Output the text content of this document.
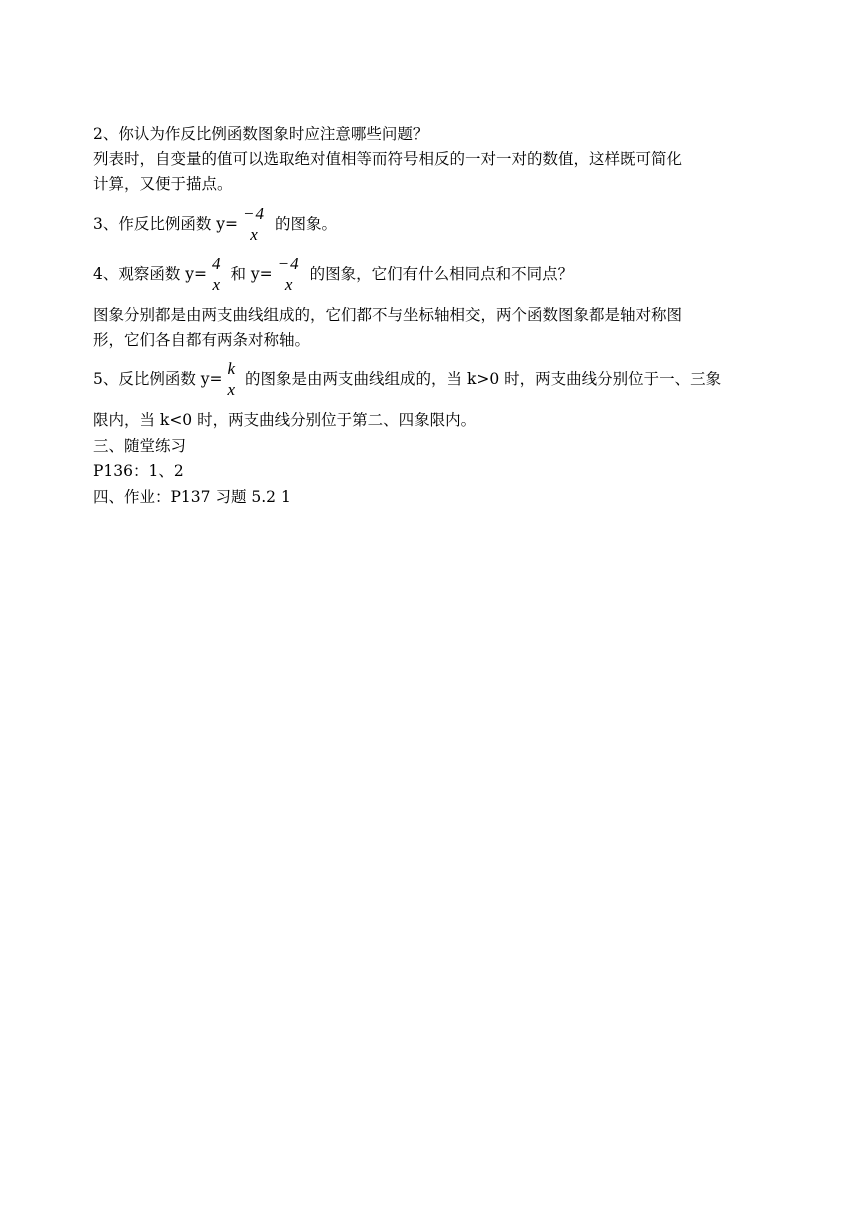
2、你认为作反比例函数图象时应注意哪些问题？
列表时，自变量的值可以选取绝对值相等而符号相反的一对一对的数值，这样既可简化
计算，又便于描点。
3、作反比例函数 y=
−4
x
的图象。
4、观察函数 y=
4
x
和 y=
−4
x
的图象，它们有什么相同点和不同点？
图象分别都是由两支曲线组成的，它们都不与坐标轴相交，两个函数图象都是轴对称图
形，它们各自都有两条对称轴。
5、反比例函数 y=
k
x
的图象是由两支曲线组成的，当 k>0 时，两支曲线分别位于一、三象
限内，当 k<0 时，两支曲线分别位于第二、四象限内。
三、随堂练习
P136：1、2
四、作业：P137 习题 5.2 1
